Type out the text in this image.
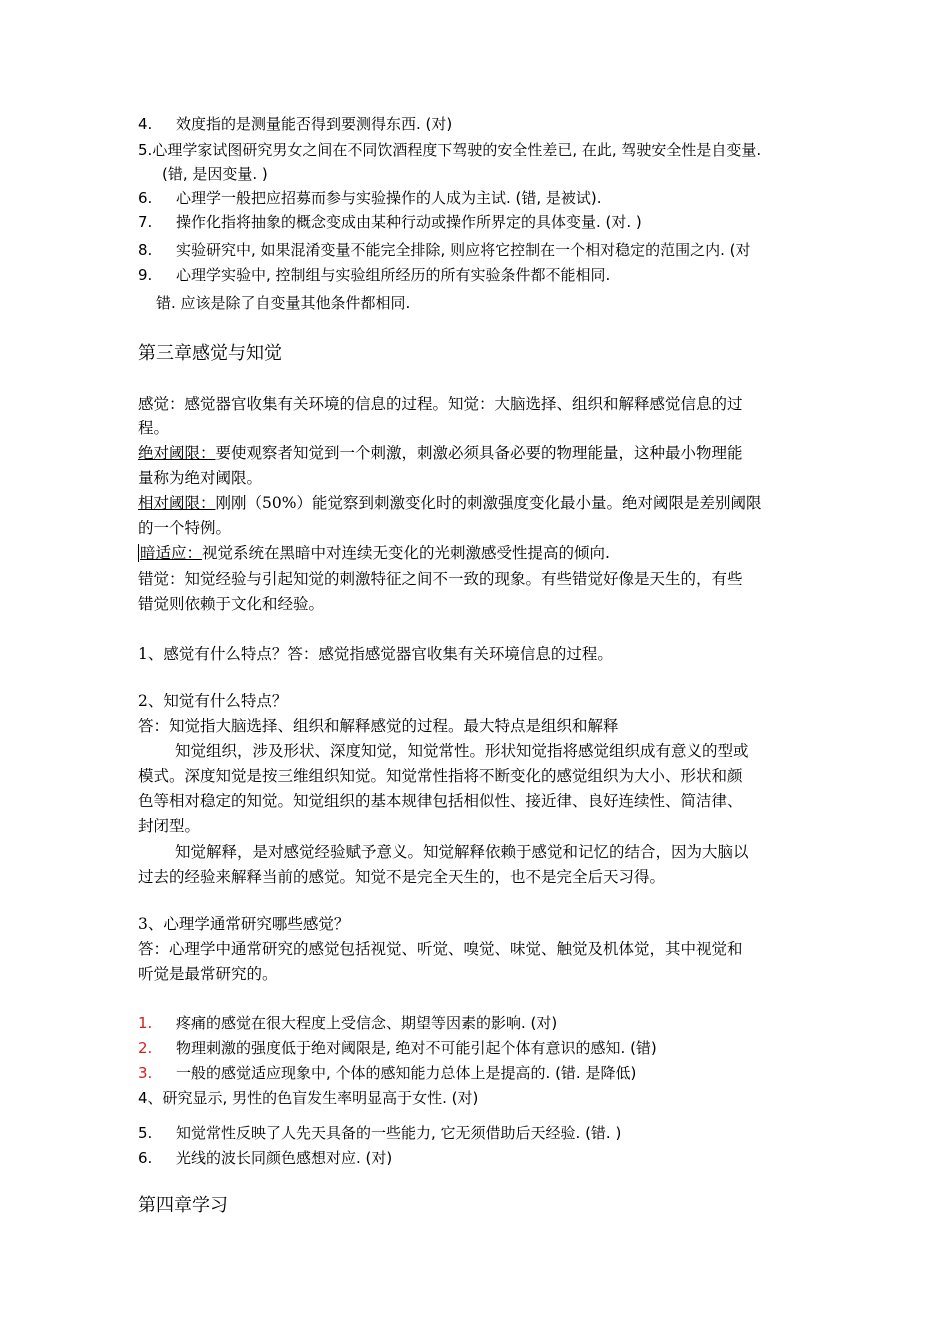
4. 效度指的是测量能否得到要测得东西. (对)
5.心理学家试图研究男女之间在不同饮酒程度下驾驶的安全性差已, 在此, 驾驶安全性是自变量.
(错, 是因变量. )
6. 心理学一般把应招募而参与实验操作的人成为主试. (错, 是被试).
7. 操作化指将抽象的概念变成由某种行动或操作所界定的具体变量. (对. )
8. 实验研究中, 如果混淆变量不能完全排除, 则应将它控制在一个相对稳定的范围之内. (对
9. 心理学实验中, 控制组与实验组所经历的所有实验条件都不能相同.
错. 应该是除了自变量其他条件都相同.
第三章感觉与知觉
感觉：感觉器官收集有关环境的信息的过程。知觉：大脑选择、组织和解释感觉信息的过
程。
绝对阈限：要使观察者知觉到一个刺激，刺激必须具备必要的物理能量，这种最小物理能
量称为绝对阈限。
相对阈限：刚刚（50%）能觉察到刺激变化时的刺激强度变化最小量。绝对阈限是差别阈限
的一个特例。
暗适应：视觉系统在黑暗中对连续无变化的光刺激感受性提高的倾向.
错觉：知觉经验与引起知觉的刺激特征之间不一致的现象。有些错觉好像是天生的，有些
错觉则依赖于文化和经验。
1、感觉有什么特点？答：感觉指感觉器官收集有关环境信息的过程。
2、知觉有什么特点？
答：知觉指大脑选择、组织和解释感觉的过程。最大特点是组织和解释
知觉组织，涉及形状、深度知觉，知觉常性。形状知觉指将感觉组织成有意义的型或
模式。深度知觉是按三维组织知觉。知觉常性指将不断变化的感觉组织为大小、形状和颜
色等相对稳定的知觉。知觉组织的基本规律包括相似性、接近律、良好连续性、简洁律、
封闭型。
知觉解释，是对感觉经验赋予意义。知觉解释依赖于感觉和记忆的结合，因为大脑以
过去的经验来解释当前的感觉。知觉不是完全天生的，也不是完全后天习得。
3、心理学通常研究哪些感觉？
答：心理学中通常研究的感觉包括视觉、听觉、嗅觉、味觉、触觉及机体觉，其中视觉和
听觉是最常研究的。
1. 疼痛的感觉在很大程度上受信念、期望等因素的影响. (对)
2. 物理刺激的强度低于绝对阈限是, 绝对不可能引起个体有意识的感知. (错)
3. 一般的感觉适应现象中, 个体的感知能力总体上是提高的. (错. 是降低)
4、研究显示, 男性的色盲发生率明显高于女性. (对)
5. 知觉常性反映了人先天具备的一些能力, 它无须借助后天经验. (错. )
6. 光线的波长同颜色感想对应. (对)
第四章学习
